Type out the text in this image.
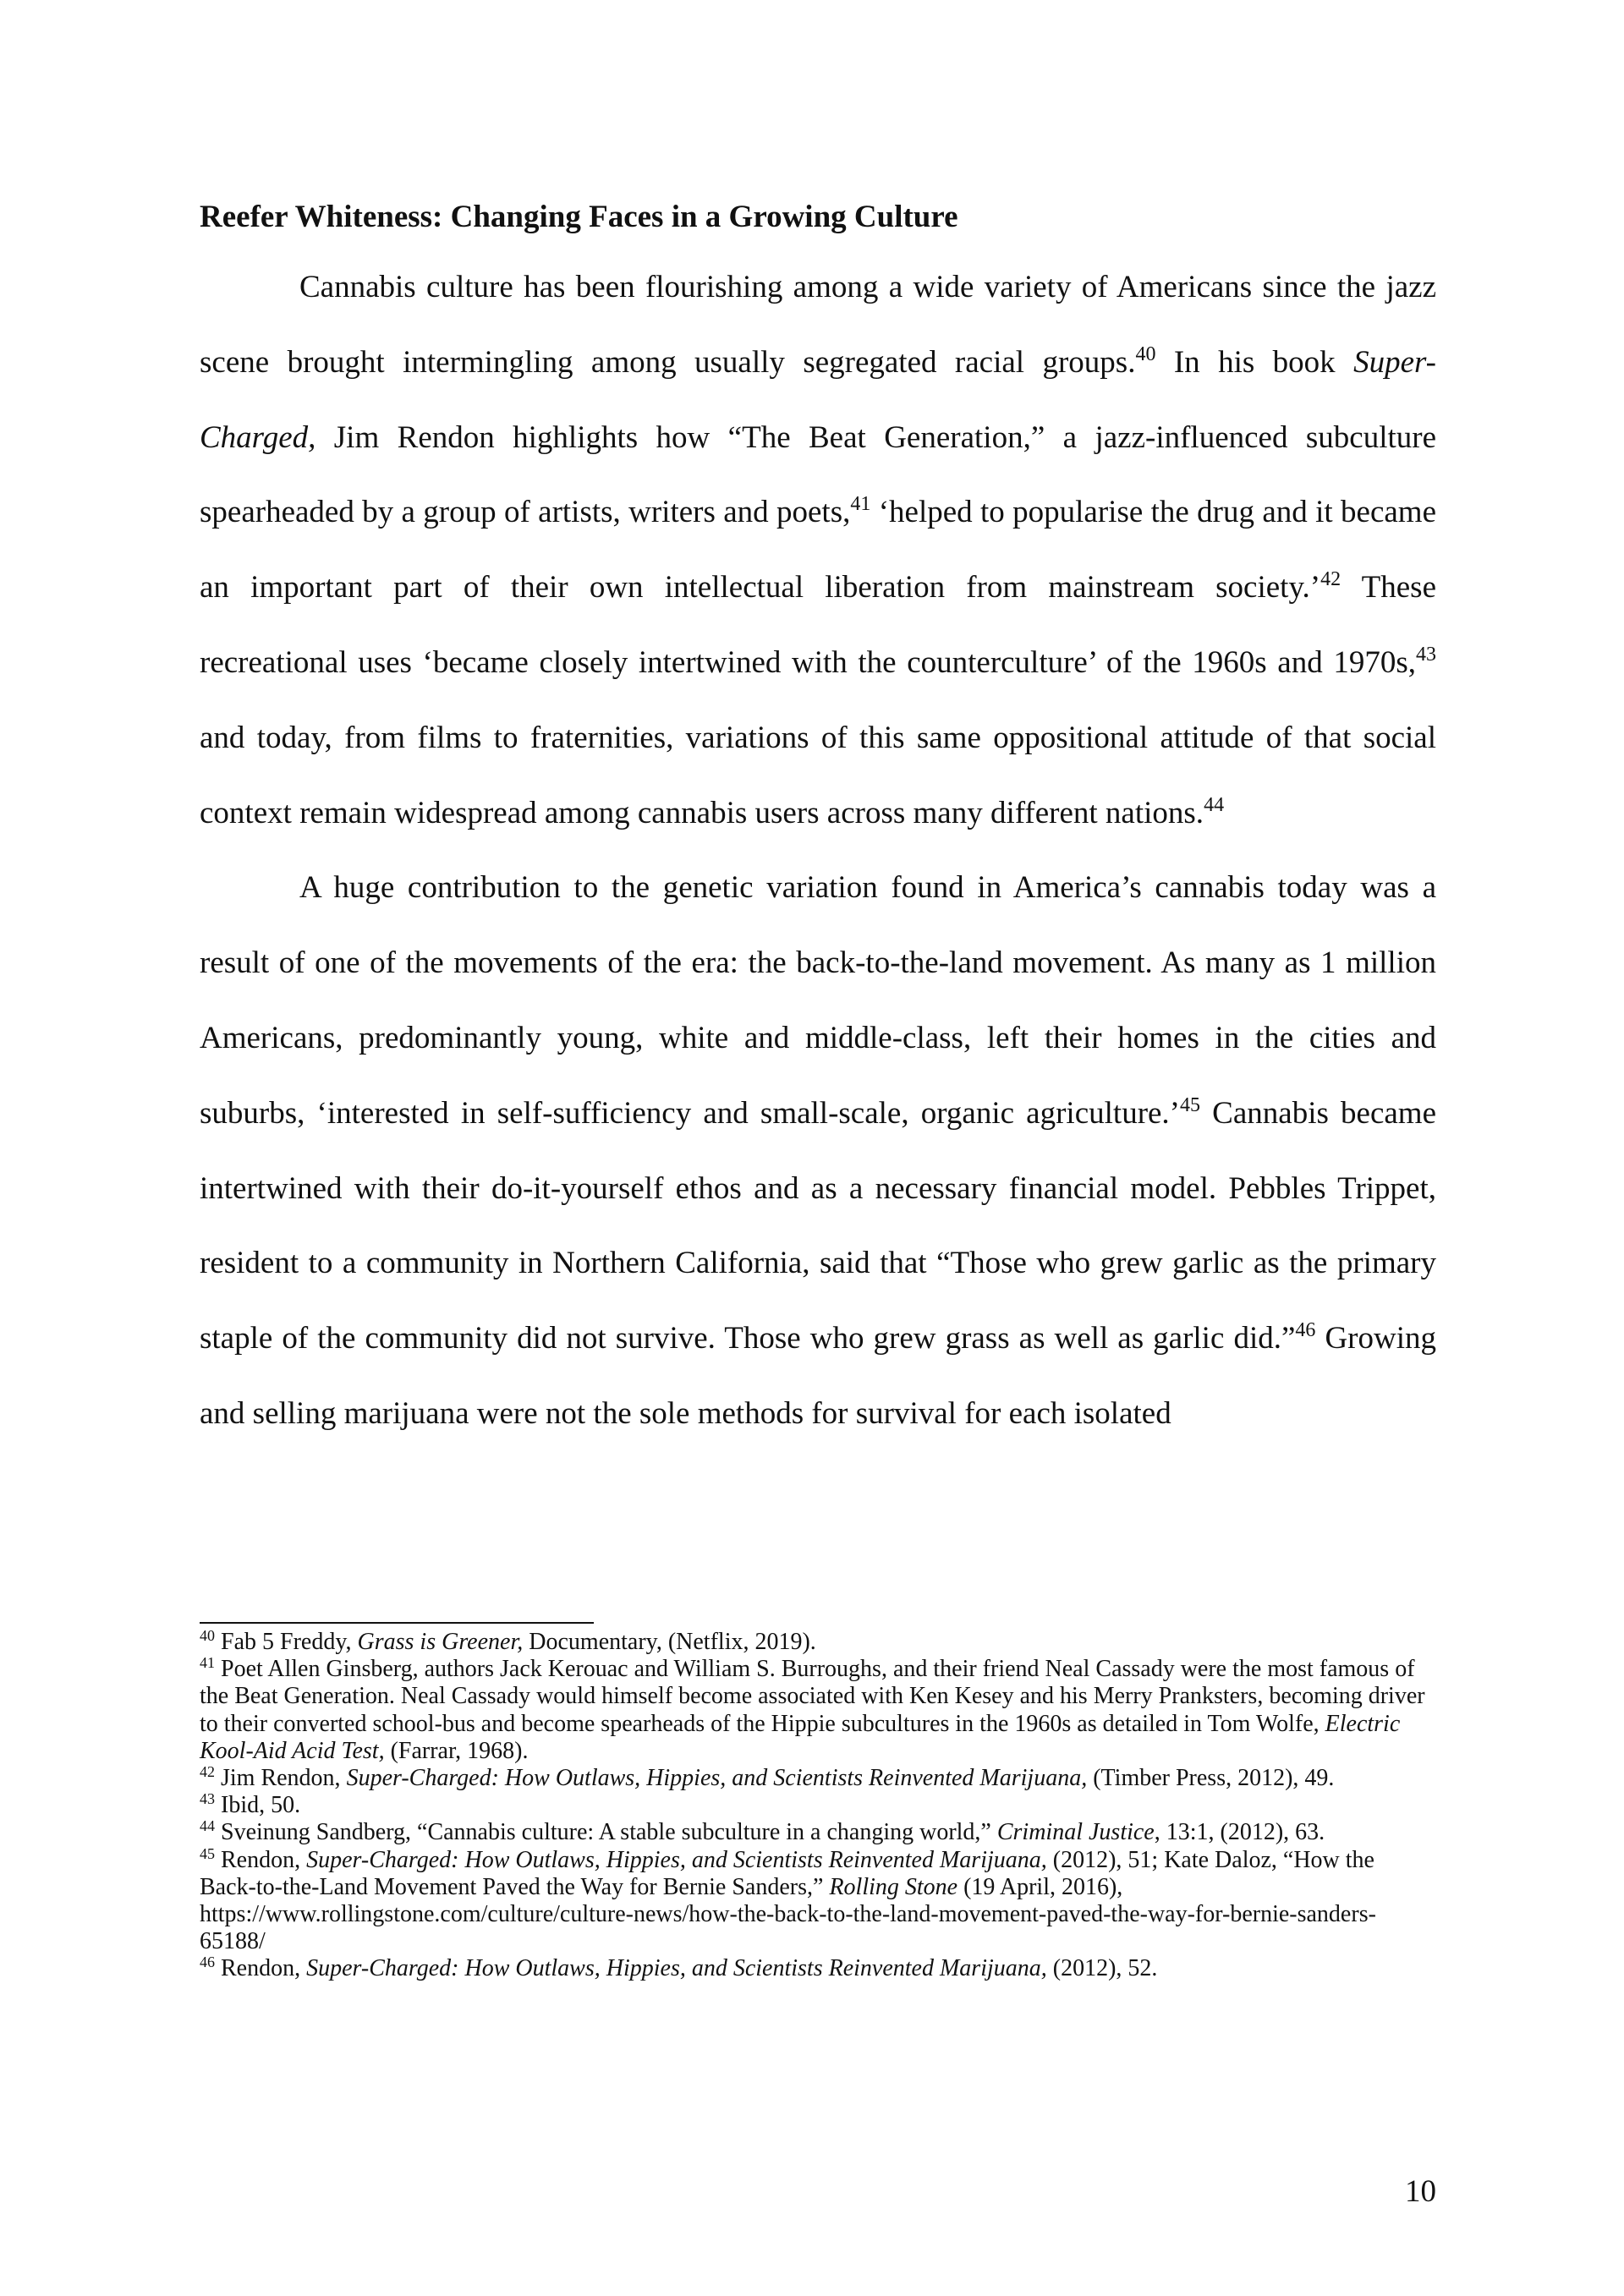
Reefer Whiteness: Changing Faces in a Growing Culture

Cannabis culture has been flourishing among a wide variety of Americans since the jazz scene brought intermingling among usually segregated racial groups.$^{40}$ In his book Super-Charged, Jim Rendon highlights how “The Beat Generation,” a jazz-influenced subculture spearheaded by a group of artists, writers and poets,$^{41}$ ‘helped to popularise the drug and it became an important part of their own intellectual liberation from mainstream society.’$^{42}$ These recreational uses ‘became closely intertwined with the counterculture’ of the 1960s and 1970s,$^{43}$ and today, from films to fraternities, variations of this same oppositional attitude of that social context remain widespread among cannabis users across many different nations.$^{44}$

A huge contribution to the genetic variation found in America’s cannabis today was a result of one of the movements of the era: the back-to-the-land movement. As many as 1 million Americans, predominantly young, white and middle-class, left their homes in the cities and suburbs, ‘interested in self-sufficiency and small-scale, organic agriculture.’$^{45}$ Cannabis became intertwined with their do-it-yourself ethos and as a necessary financial model. Pebbles Trippet, resident to a community in Northern California, said that “Those who grew garlic as the primary staple of the community did not survive. Those who grew grass as well as garlic did.”$^{46}$ Growing and selling marijuana were not the sole methods for survival for each isolated

$^{40}$ Fab 5 Freddy, Grass is Greener, Documentary, (Netflix, 2019).

$^{41}$ Poet Allen Ginsberg, authors Jack Kerouac and William S. Burroughs, and their friend Neal Cassady were the most famous of the Beat Generation. Neal Cassady would himself become associated with Ken Kesey and his Merry Pranksters, becoming driver to their converted school-bus and become spearheads of the Hippie subcultures in the 1960s as detailed in Tom Wolfe, Electric Kool-Aid Acid Test, (Farrar, 1968).

$^{42}$ Jim Rendon, Super-Charged: How Outlaws, Hippies, and Scientists Reinvented Marijuana, (Timber Press, 2012), 49.

$^{43}$ Ibid, 50.

$^{44}$ Sveinung Sandberg, “Cannabis culture: A stable subculture in a changing world,” Criminal Justice, 13:1, (2012), 63.

$^{45}$ Rendon, Super-Charged: How Outlaws, Hippies, and Scientists Reinvented Marijuana, (2012), 51; Kate Daloz, “How the Back-to-the-Land Movement Paved the Way for Bernie Sanders,” Rolling Stone (19 April, 2016), https://www.rollingstone.com/culture/culture-news/how-the-back-to-the-land-movement-paved-the-way-for-bernie-sanders-65188/

$^{46}$ Rendon, Super-Charged: How Outlaws, Hippies, and Scientists Reinvented Marijuana, (2012), 52.

10
